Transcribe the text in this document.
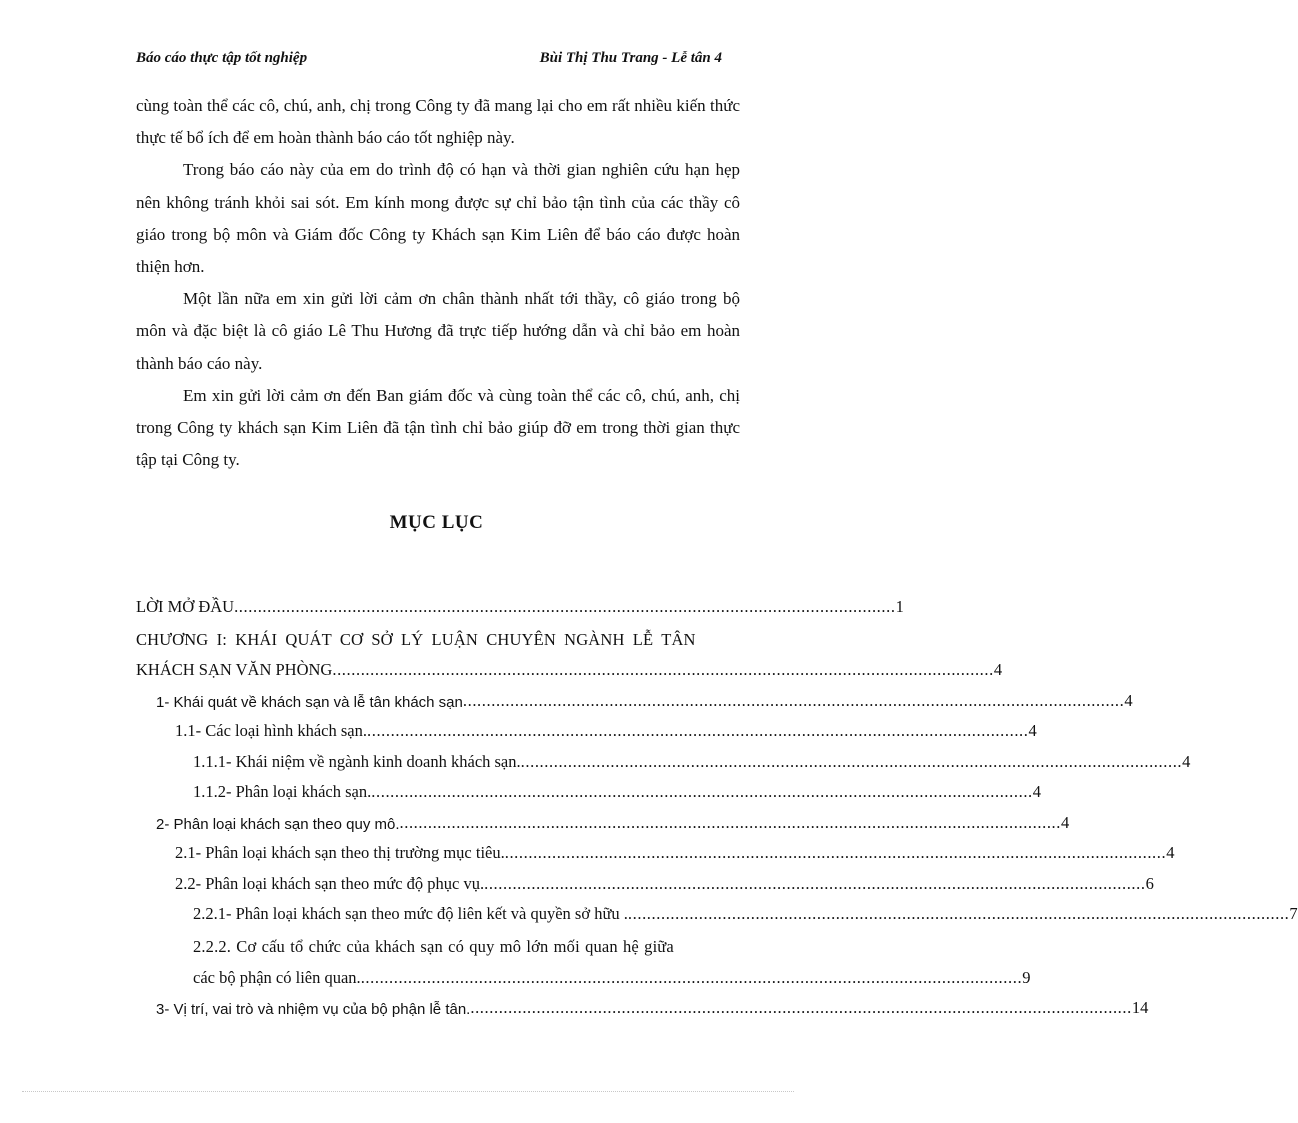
Báo cáo thực tập tốt nghiệp	Bùi Thị Thu Trang - Lễ tân 4

cùng toàn thể các cô, chú, anh, chị trong Công ty đã mang lại cho em rất nhiều kiến thức thực tế bổ ích để em hoàn thành báo cáo tốt nghiệp này.

Trong báo cáo này của em do trình độ có hạn và thời gian nghiên cứu hạn hẹp nên không tránh khỏi sai sót. Em kính mong được sự chỉ bảo tận tình của các thầy cô giáo trong bộ môn và Giám đốc Công ty Khách sạn Kim Liên để báo cáo được hoàn thiện hơn.

Một lần nữa em xin gửi lời cảm ơn chân thành nhất tới thầy, cô giáo trong bộ môn và đặc biệt là cô giáo Lê Thu Hương đã trực tiếp hướng dẫn và chỉ bảo em hoàn thành báo cáo này.

Em xin gửi lời cảm ơn đến Ban giám đốc và cùng toàn thể các cô, chú, anh, chị trong Công ty khách sạn Kim Liên đã tận tình chỉ bảo giúp đỡ em trong thời gian thực tập tại Công ty.

MỤC LỤC
LỜI MỞ ĐẦU ............................................................................................................................................ 1
CHƯƠNG I: KHÁI QUÁT CƠ SỞ LÝ LUẬN CHUYÊN NGÀNH LỄ TÂN
KHÁCH SẠN VĂN PHÒNG ............................................................................................................................................ 4
1- Khái quát về khách sạn và lễ tân khách sạn ............................................................................................................................................ 4
1.1- Các loại hình khách sạn. ............................................................................................................................................ 4
1.1.1- Khái niệm về ngành kinh doanh khách sạn. ............................................................................................................................................ 4
1.1.2- Phân loại khách sạn. ............................................................................................................................................ 4
2- Phân loại khách sạn theo quy mô. ............................................................................................................................................ 4
2.1- Phân loại khách sạn theo thị trường mục tiêu. ............................................................................................................................................ 4
2.2- Phân loại khách sạn theo mức độ phục vụ. ............................................................................................................................................ 6
2.2.1- Phân loại khách sạn theo mức độ liên kết và quyền sở hữu . ............................................................................................................................................ 7
2.2.2. Cơ cấu tổ chức của khách sạn có quy mô lớn mối quan hệ giữa
các bộ phận có liên quan. ............................................................................................................................................ 9
3- Vị trí, vai trò và nhiệm vụ của bộ phận lễ tân. ............................................................................................................................................ 14
